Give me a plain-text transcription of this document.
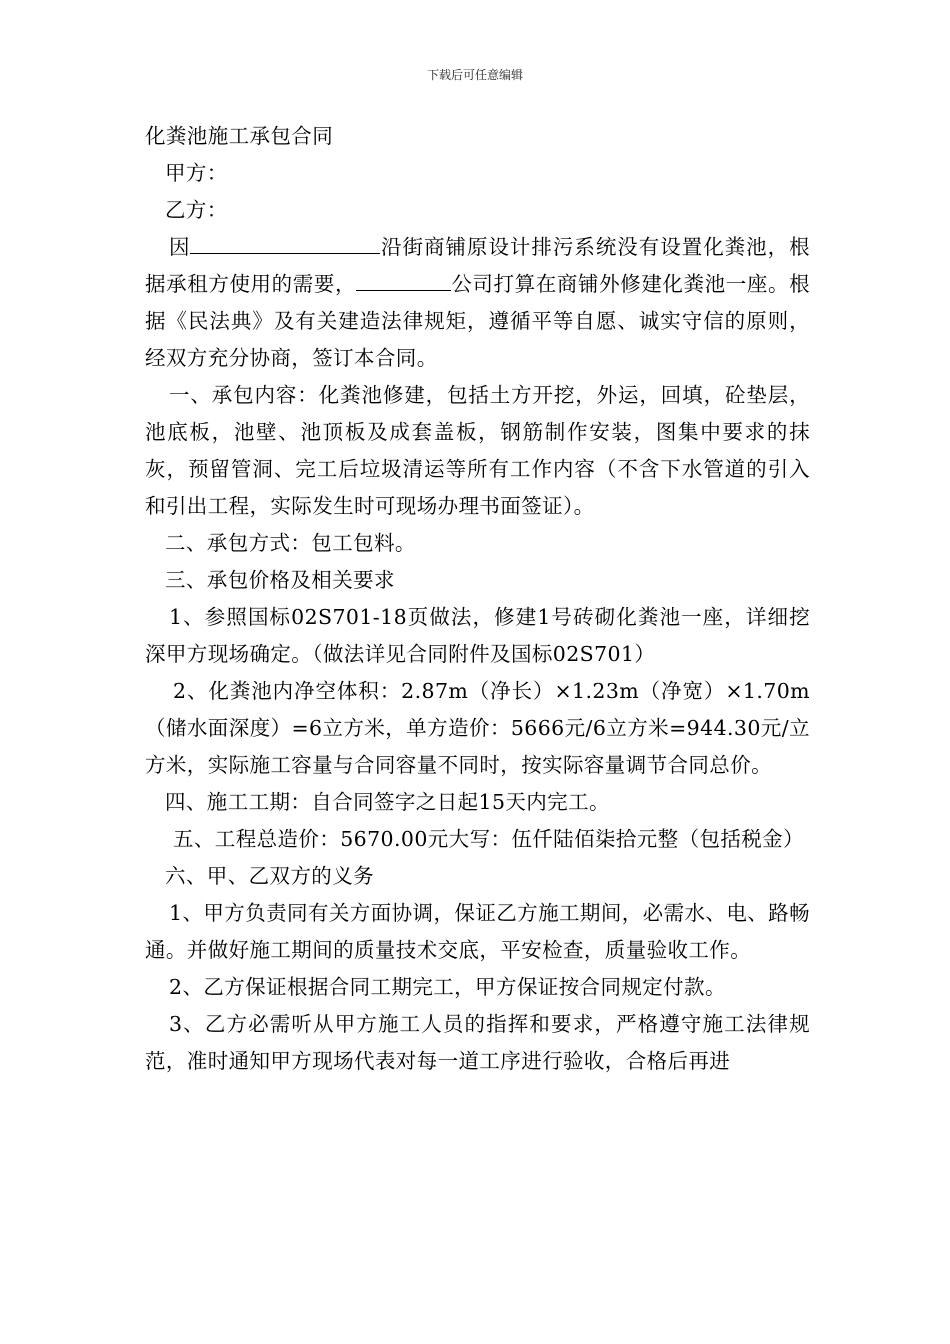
下载后可任意编辑

化粪池施工承包合同

甲方：

乙方：

因	沿街商铺原设计排污系统没有设置化粪池，根据承租方使用的需要，	公司打算在商铺外修建化粪池一座。根据《民法典》及有关建造法律规矩，遵循平等自愿、诚实守信的原则，经双方充分协商，签订本合同。

一、承包内容：化粪池修建，包括土方开挖，外运，回填，砼垫层，池底板，池壁、池顶板及成套盖板，钢筋制作安装，图集中要求的抹灰，预留管洞、完工后垃圾清运等所有工作内容（不含下水管道的引入和引出工程，实际发生时可现场办理书面签证）。

二、承包方式：包工包料。

三、承包价格及相关要求

1、参照国标02S701-18页做法，修建1号砖砌化粪池一座，详细挖深甲方现场确定。（做法详见合同附件及国标02S701）

2、化粪池内净空体积：2.87m（净长）×1.23m（净宽）×1.70m（储水面深度）=6立方米，单方造价：5666元/6立方米=944.30元/立方米，实际施工容量与合同容量不同时，按实际容量调节合同总价。

四、施工工期：自合同签字之日起15天内完工。

五、工程总造价：5670.00元大写：伍仟陆佰柒拾元整（包括税金）

六、甲、乙双方的义务

1、甲方负责同有关方面协调，保证乙方施工期间，必需水、电、路畅通。并做好施工期间的质量技术交底，平安检查，质量验收工作。

2、乙方保证根据合同工期完工，甲方保证按合同规定付款。

3、乙方必需听从甲方施工人员的指挥和要求，严格遵守施工法律规范，准时通知甲方现场代表对每一道工序进行验收，合格后再进
